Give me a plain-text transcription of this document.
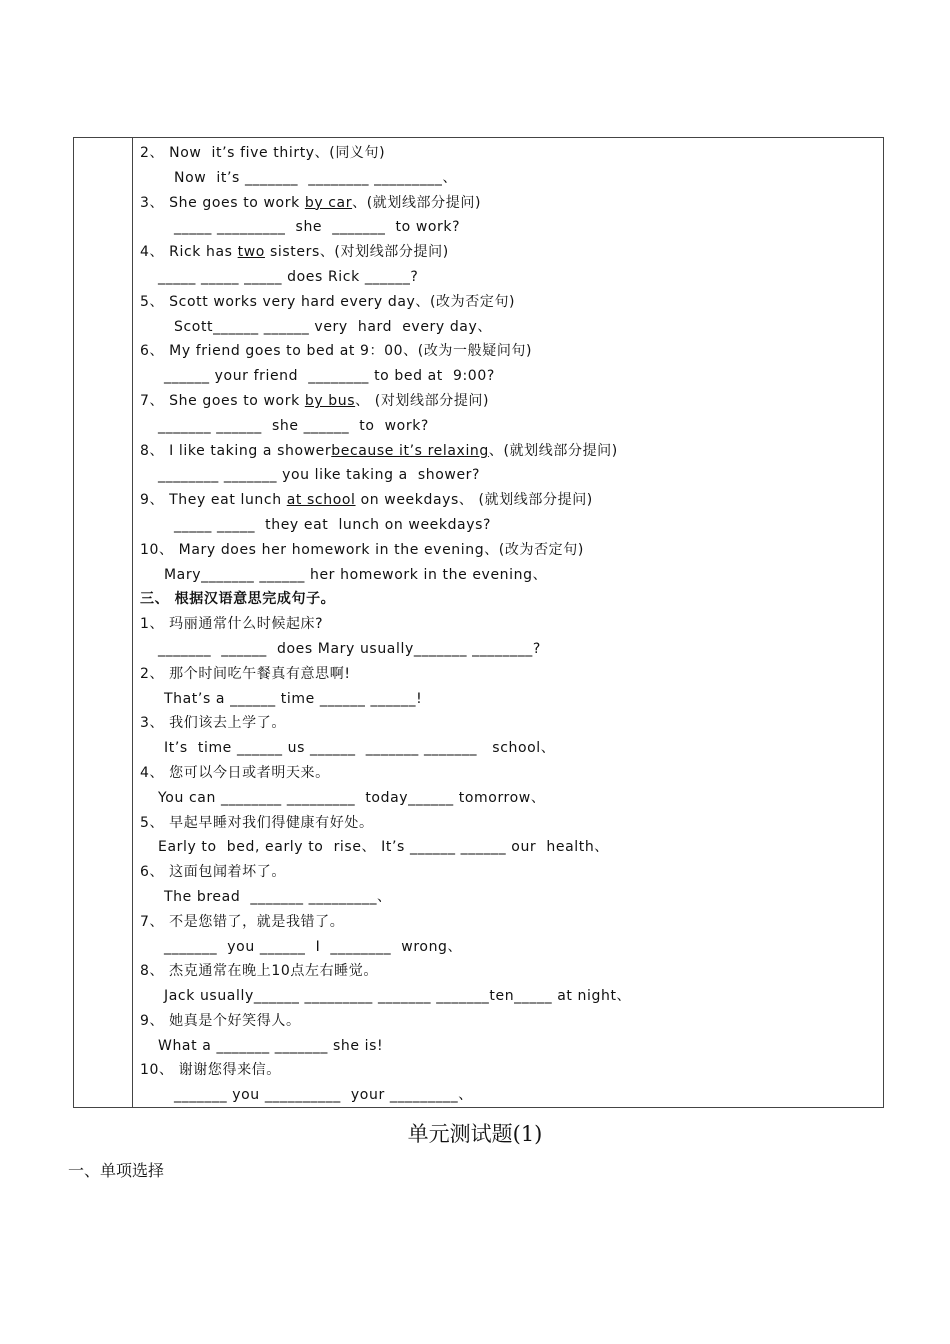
2、 Now  it’s five thirty、(同义句)
Now  it’s _______  ________ _________、
3、 She goes to work by car、(就划线部分提问)
_____ _________  she  _______  to work?
4、 Rick has two sisters、(对划线部分提问)
_____ _____ _____ does Rick ______?
5、 Scott works very hard every day、(改为否定句)
Scott______ ______ very  hard  every day、
6、 My friend goes to bed at 9：00、(改为一般疑问句)
______ your friend  ________ to bed at  9:00?
7、 She goes to work by bus、 (对划线部分提问)
_______ ______  she ______  to  work?
8、 I like taking a showerbecause it’s relaxing、(就划线部分提问)
________ _______ you like taking a  shower?
9、 They eat lunch at school on weekdays、 (就划线部分提问)
_____ _____  they eat  lunch on weekdays?
10、 Mary does her homework in the evening、(改为否定句)
Mary_______ ______ her homework in the evening、
三、 根据汉语意思完成句子。
1、 玛丽通常什么时候起床?
_______  ______  does Mary usually_______ ________?
2、 那个时间吃午餐真有意思啊!
That’s a ______ time ______ ______!
3、 我们该去上学了。
It’s  time ______ us ______  _______ _______   school、
4、 您可以今日或者明天来。
You can ________ _________  today______ tomorrow、
5、 早起早睡对我们得健康有好处。
Early to  bed, early to  rise、 It’s ______ ______ our  health、
6、 这面包闻着坏了。
The bread  _______ _________、
7、 不是您错了，就是我错了。
_______  you ______  I  ________  wrong、
8、 杰克通常在晚上10点左右睡觉。
Jack usually______ _________ _______ _______ten_____ at night、
9、 她真是个好笑得人。
What a _______ _______ she is!
10、 谢谢您得来信。
_______ you __________  your _________、
单元测试题(1)
一、单项选择
